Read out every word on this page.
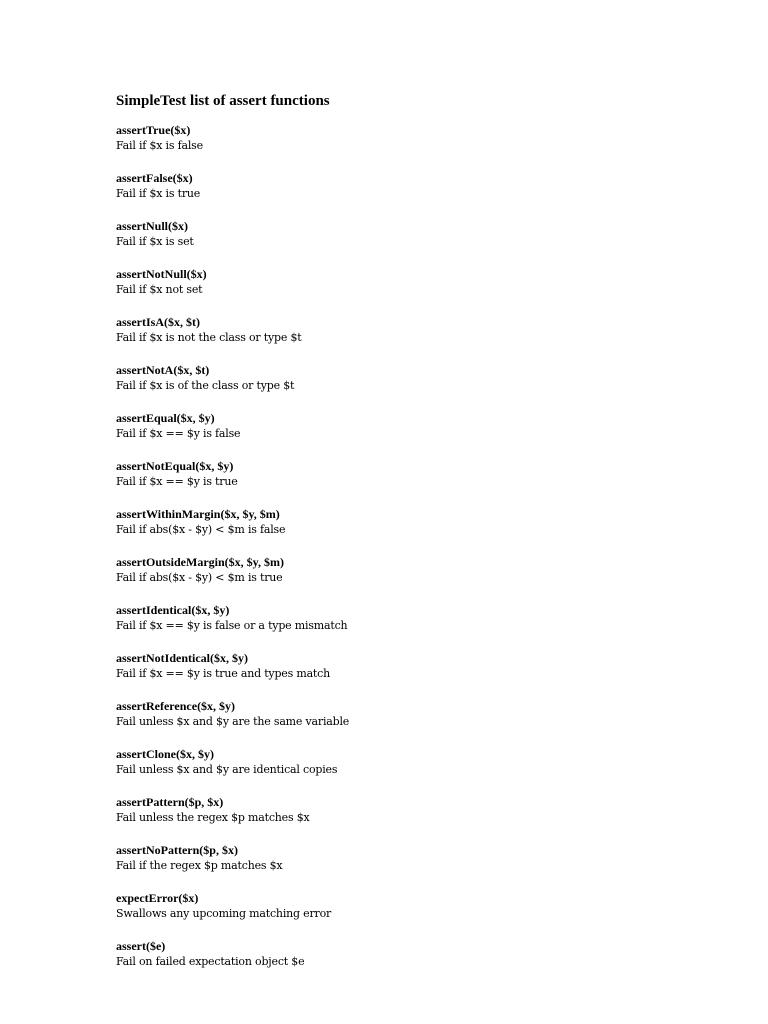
SimpleTest list of assert functions
assertTrue($x)
Fail if $x is false
assertFalse($x)
Fail if $x is true
assertNull($x)
Fail if $x is set
assertNotNull($x)
Fail if $x not set
assertIsA($x, $t)
Fail if $x is not the class or type $t
assertNotA($x, $t)
Fail if $x is of the class or type $t
assertEqual($x, $y)
Fail if $x == $y is false
assertNotEqual($x, $y)
Fail if $x == $y is true
assertWithinMargin($x, $y, $m)
Fail if abs($x - $y) < $m is false
assertOutsideMargin($x, $y, $m)
Fail if abs($x - $y) < $m is true
assertIdentical($x, $y)
Fail if $x == $y is false or a type mismatch
assertNotIdentical($x, $y)
Fail if $x == $y is true and types match
assertReference($x, $y)
Fail unless $x and $y are the same variable
assertClone($x, $y)
Fail unless $x and $y are identical copies
assertPattern($p, $x)
Fail unless the regex $p matches $x
assertNoPattern($p, $x)
Fail if the regex $p matches $x
expectError($x)
Swallows any upcoming matching error
assert($e)
Fail on failed expectation object $e
